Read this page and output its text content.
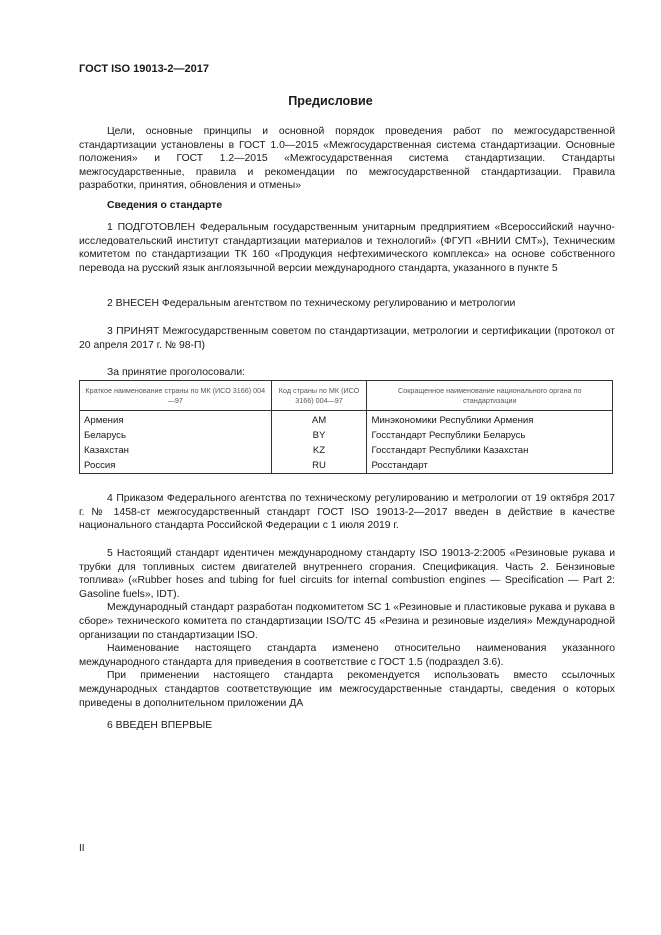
ГОСТ ISO 19013-2—2017
Предисловие

Цели, основные принципы и основной порядок проведения работ по межгосударственной стандартизации установлены в ГОСТ 1.0—2015 «Межгосударственная система стандартизации. Основные положения» и ГОСТ 1.2—2015 «Межгосударственная система стандартизации. Стандарты межгосударственные, правила и рекомендации по межгосударственной стандартизации. Правила разработки, принятия, обновления и отмены»

Сведения о стандарте

1 ПОДГОТОВЛЕН Федеральным государственным унитарным предприятием «Всероссийский научно-исследовательский институт стандартизации материалов и технологий» (ФГУП «ВНИИ СМТ»), Техническим комитетом по стандартизации ТК 160 «Продукция нефтехимического комплекса» на основе собственного перевода на русский язык англоязычной версии международного стандарта, указанного в пункте 5

2 ВНЕСЕН Федеральным агентством по техническому регулированию и метрологии

3 ПРИНЯТ Межгосударственным советом по стандартизации, метрологии и сертификации (протокол от 20 апреля 2017 г. № 98-П)

За принятие проголосовали:

Краткое наименование страны по МК (ИСО 3166) 004—97	Код страны по МК (ИСО 3166) 004—97	Сокращенное наименование национального органа по стандартизации
Армения	AM	Минэкономики Республики Армения
Беларусь	BY	Госстандарт Республики Беларусь
Казахстан	KZ	Госстандарт Республики Казахстан
Россия	RU	Росстандарт

4 Приказом Федерального агентства по техническому регулированию и метрологии от 19 октября 2017 г. № 1458-ст межгосударственный стандарт ГОСТ ISO 19013-2—2017 введен в действие в качестве национального стандарта Российской Федерации с 1 июля 2019 г.

5 Настоящий стандарт идентичен международному стандарту ISO 19013-2:2005 «Резиновые рукава и трубки для топливных систем двигателей внутреннего сгорания. Спецификация. Часть 2. Бензиновые топлива» («Rubber hoses and tubing for fuel circuits for internal combustion engines — Specification — Part 2: Gasoline fuels», IDT).

Международный стандарт разработан подкомитетом SC 1 «Резиновые и пластиковые рукава и рукава в сборе» технического комитета по стандартизации ISO/TC 45 «Резина и резиновые изделия» Международной организации по стандартизации ISO.

Наименование настоящего стандарта изменено относительно наименования указанного международного стандарта для приведения в соответствие с ГОСТ 1.5 (подраздел 3.6).

При применении настоящего стандарта рекомендуется использовать вместо ссылочных международных стандартов соответствующие им межгосударственные стандарты, сведения о которых приведены в дополнительном приложении ДА

6 ВВЕДЕН ВПЕРВЫЕ

II
